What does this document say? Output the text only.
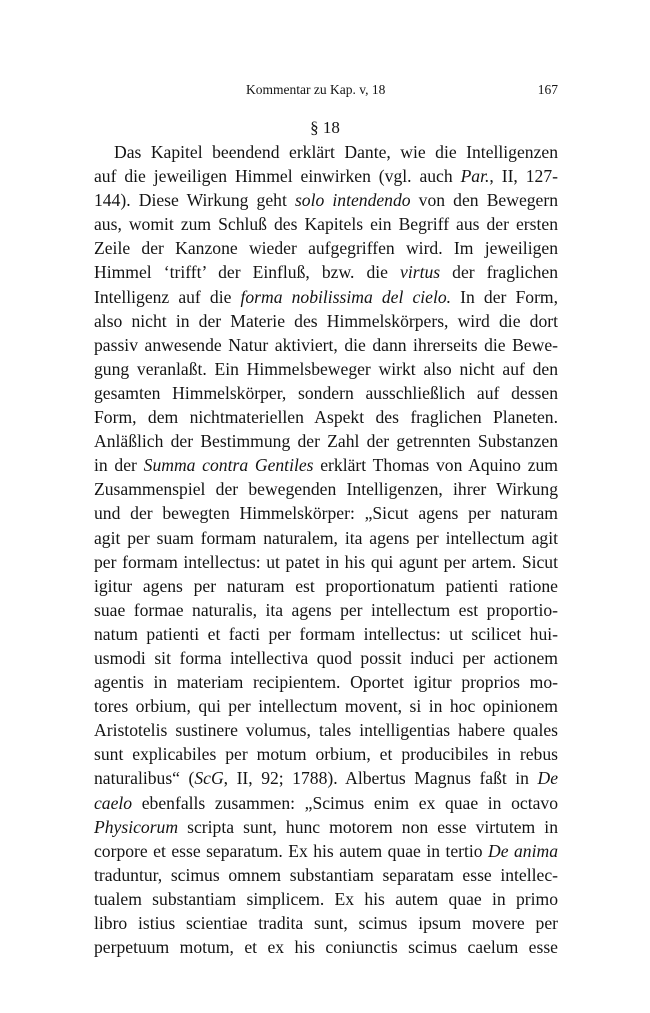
Kommentar zu Kap. v, 18	167
§ 18
Das Kapitel beendend erklärt Dante, wie die Intelligenzen
auf die jeweiligen Himmel einwirken (vgl. auch Par., II, 127-
144). Diese Wirkung geht solo intendendo von den Bewegern
aus, womit zum Schluß des Kapitels ein Begriff aus der ersten
Zeile der Kanzone wieder aufgegriffen wird. Im jeweiligen
Himmel ‘trifft’ der Einfluß, bzw. die virtus der fraglichen
Intelligenz auf die forma nobilissima del cielo. In der Form,
also nicht in der Materie des Himmelskörpers, wird die dort
passiv anwesende Natur aktiviert, die dann ihrerseits die Bewe-
gung veranlaßt. Ein Himmelsbeweger wirkt also nicht auf den
gesamten Himmelskörper, sondern ausschließlich auf dessen
Form, dem nichtmateriellen Aspekt des fraglichen Planeten.
Anläßlich der Bestimmung der Zahl der getrennten Substanzen
in der Summa contra Gentiles erklärt Thomas von Aquino zum
Zusammenspiel der bewegenden Intelligenzen, ihrer Wirkung
und der bewegten Himmelskörper: „Sicut agens per naturam
agit per suam formam naturalem, ita agens per intellectum agit
per formam intellectus: ut patet in his qui agunt per artem. Sicut
igitur agens per naturam est proportionatum patienti ratione
suae formae naturalis, ita agens per intellectum est proportio-
natum patienti et facti per formam intellectus: ut scilicet hui-
usmodi sit forma intellectiva quod possit induci per actionem
agentis in materiam recipientem. Oportet igitur proprios mo-
tores orbium, qui per intellectum movent, si in hoc opinionem
Aristotelis sustinere volumus, tales intelligentias habere quales
sunt explicabiles per motum orbium, et producibiles in rebus
naturalibus“ (ScG, II, 92; 1788). Albertus Magnus faßt in De
caelo ebenfalls zusammen: „Scimus enim ex quae in octavo
Physicorum scripta sunt, hunc motorem non esse virtutem in
corpore et esse separatum. Ex his autem quae in tertio De anima
traduntur, scimus omnem substantiam separatam esse intellec-
tualem substantiam simplicem. Ex his autem quae in primo
libro istius scientiae tradita sunt, scimus ipsum movere per
perpetuum motum, et ex his coniunctis scimus caelum esse
